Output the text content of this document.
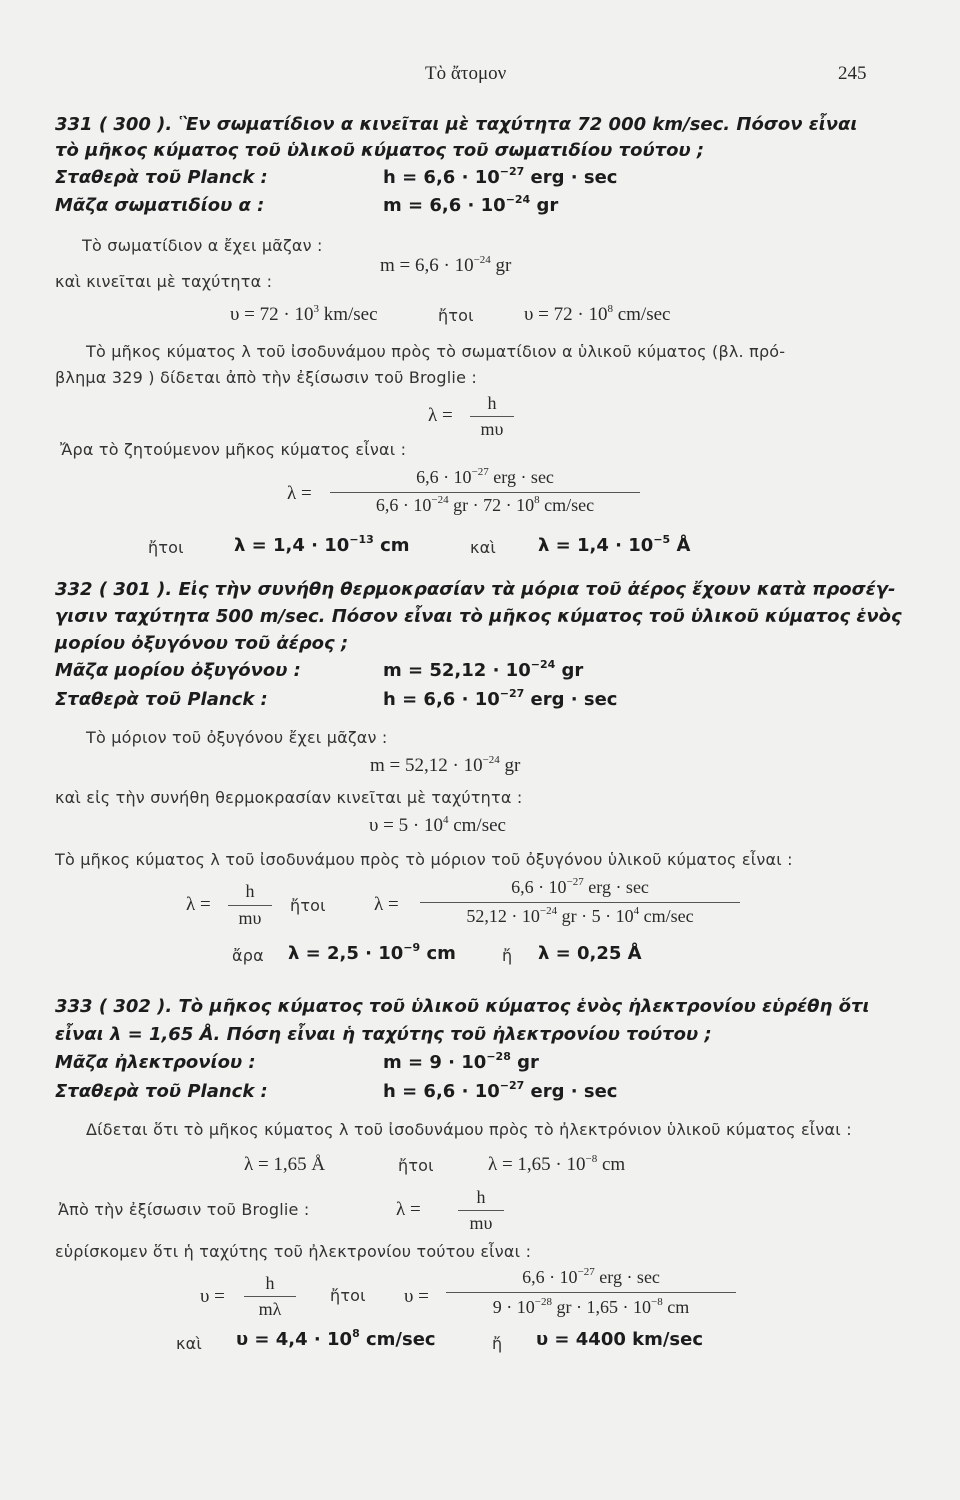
Τὸ ἄτομον	245
331 ( 300 ). Ἓν σωματίδιον α κινεῖται μὲ ταχύτητα 72 000 km/sec. Πόσον εἶναι
τὸ μῆκος κύματος τοῦ ὑλικοῦ κύματος τοῦ σωματιδίου τούτου ;
Σταθερὰ τοῦ Planck :	$h = 6,6 \cdot 10^{-27}$ erg · sec
Μᾶζα σωματιδίου α :	$m = 6,6 \cdot 10^{-24}$ gr
Τὸ σωματίδιον α ἔχει μᾶζαν :
$m = 6,6 \cdot 10^{-24}$ gr
καὶ κινεῖται μὲ ταχύτητα :
$\upsilon = 72 \cdot 10^3$ km/sec	ἤτοι	$\upsilon = 72 \cdot 10^8$ cm/sec
Τὸ μῆκος κύματος λ τοῦ ἰσοδυνάμου πρὸς τὸ σωματίδιον α ὑλικοῦ κύματος (βλ. πρό-
βλημα 329 ) δίδεται ἀπὸ τὴν ἐξίσωσιν τοῦ Broglie :
λ =
h
mυ
Ἄρα τὸ ζητούμενον μῆκος κύματος εἶναι :
λ =
$6,6 \cdot 10^{-27}$ erg · sec
$6,6 \cdot 10^{-24}$ gr · $72 \cdot 10^8$ cm/sec
ἤτοι	$\lambda = 1,4 \cdot 10^{-13}$ cm	καὶ $\lambda = 1,4 \cdot 10^{-5}$ Å
332 ( 301 ). Εἰς τὴν συνήθη θερμοκρασίαν τὰ μόρια τοῦ ἀέρος ἔχουν κατὰ προσέγ-
γισιν ταχύτητα 500 m/sec. Πόσον εἶναι τὸ μῆκος κύματος τοῦ ὑλικοῦ κύματος ἑνὸς
μορίου ὀξυγόνου τοῦ ἀέρος ;
Μᾶζα μορίου ὀξυγόνου :	$m = 52,12 \cdot 10^{-24}$ gr
Σταθερὰ τοῦ Planck :	$h = 6,6 \cdot 10^{-27}$ erg · sec
Τὸ μόριον τοῦ ὀξυγόνου ἔχει μᾶζαν :
$m = 52,12 \cdot 10^{-24}$ gr
καὶ εἰς τὴν συνήθη θερμοκρασίαν κινεῖται μὲ ταχύτητα :
$\upsilon = 5 \cdot 10^4$ cm/sec
Τὸ μῆκος κύματος λ τοῦ ἰσοδυνάμου πρὸς τὸ μόριον τοῦ ὀξυγόνου ὑλικοῦ κύματος εἶναι :
λ =
h
mυ
ἤτοι	λ =
$6,6 \cdot 10^{-27}$ erg · sec
$52,12 \cdot 10^{-24}$ gr · $5 \cdot 10^4$ cm/sec
ἄρα $\lambda = 2,5 \cdot 10^{-9}$ cm	ἤ λ = 0,25 Å
333 ( 302 ). Τὸ μῆκος κύματος τοῦ ὑλικοῦ κύματος ἑνὸς ἠλεκτρονίου εὑρέθη ὅτι
εἶναι λ = 1,65 Å. Πόση εἶναι ἡ ταχύτης τοῦ ἠλεκτρονίου τούτου ;
Μᾶζα ἠλεκτρονίου :	$m = 9 \cdot 10^{-28}$ gr
Σταθερὰ τοῦ Planck :	$h = 6,6 \cdot 10^{-27}$ erg · sec
Δίδεται ὅτι τὸ μῆκος κύματος λ τοῦ ἰσοδυνάμου πρὸς τὸ ἠλεκτρόνιον ὑλικοῦ κύματος εἶναι :
λ = 1,65 Å	ἤτοι	$\lambda = 1,65 \cdot 10^{-8}$ cm
Ἀπὸ τὴν ἐξίσωσιν τοῦ Broglie :	λ =
h
mυ
εὑρίσκομεν ὅτι ἡ ταχύτης τοῦ ἠλεκτρονίου τούτου εἶναι :
υ =
h
mλ
ἤτοι υ =
$6,6 \cdot 10^{-27}$ erg · sec
$9 \cdot 10^{-28}$ gr · $1,65 \cdot 10^{-8}$ cm
καὶ $\upsilon = 4,4 \cdot 10^8$ cm/sec	ἤ υ = 4400 km/sec
